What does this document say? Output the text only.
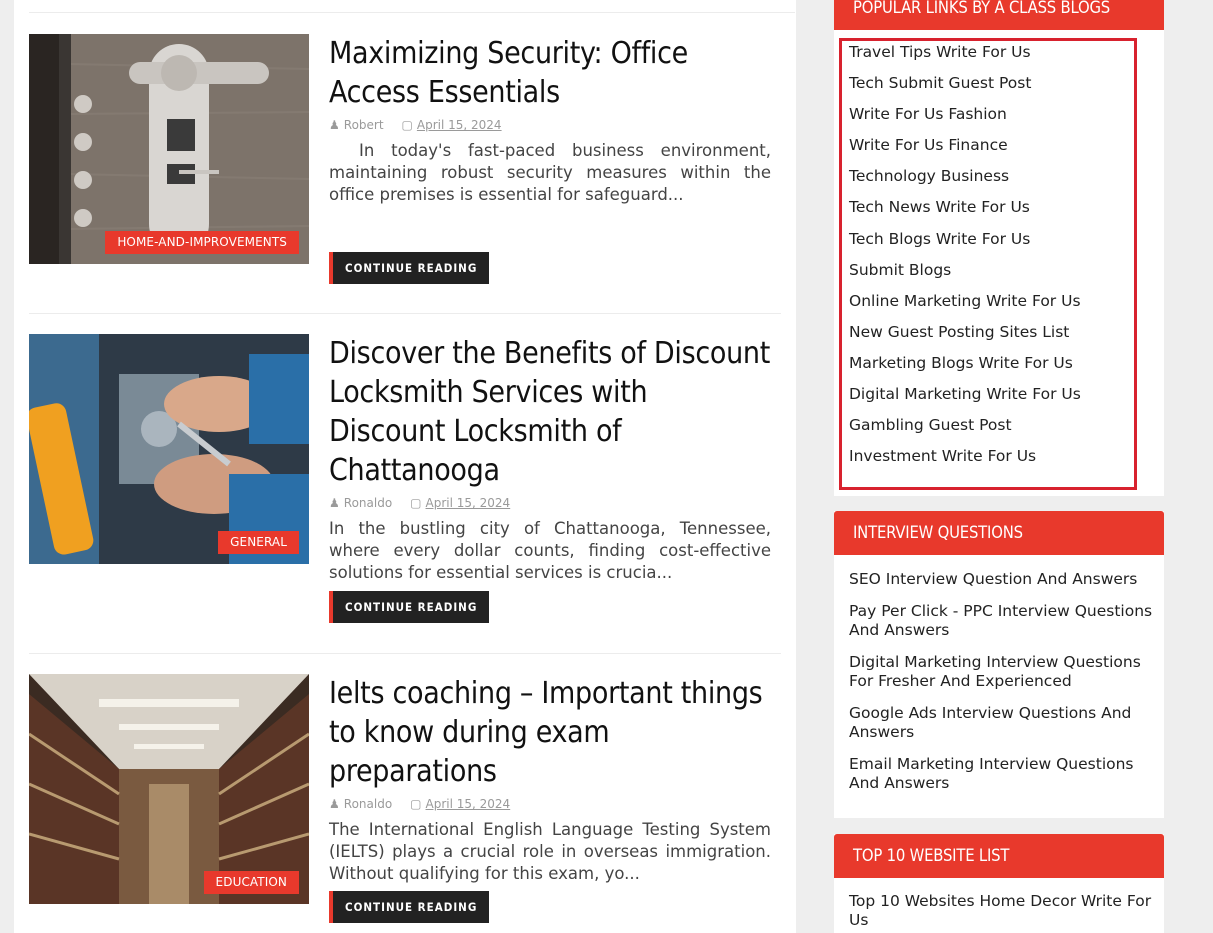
HOME-AND-IMPROVEMENTS
Maximizing Security: Office Access Essentials
♟ Robert ▢ April 15, 2024

In today's fast-paced business environment, maintaining robust security measures within the office premises is essential for safeguard...

CONTINUE READING
GENERAL
Discover the Benefits of Discount Locksmith Services with Discount Locksmith of Chattanooga
♟ Ronaldo ▢ April 15, 2024

In the bustling city of Chattanooga, Tennessee, where every dollar counts, finding cost-effective solutions for essential services is crucia...

CONTINUE READING
EDUCATION
Ielts coaching – Important things to know during exam preparations
♟ Ronaldo ▢ April 15, 2024

The International English Language Testing System (IELTS) plays a crucial role in overseas immigration. Without qualifying for this exam, yo...

CONTINUE READING
POPULAR LINKS BY A CLASS BLOGS
Travel Tips Write For Us
Tech Submit Guest Post
Write For Us Fashion
Write For Us Finance
Technology Business
Tech News Write For Us
Tech Blogs Write For Us
Submit Blogs
Online Marketing Write For Us
New Guest Posting Sites List
Marketing Blogs Write For Us
Digital Marketing Write For Us
Gambling Guest Post
Investment Write For Us
INTERVIEW QUESTIONS
SEO Interview Question And Answers
Pay Per Click - PPC Interview Questions And Answers
Digital Marketing Interview Questions For Fresher And Experienced
Google Ads Interview Questions And Answers
Email Marketing Interview Questions And Answers
TOP 10 WEBSITE LIST
Top 10 Websites Home Decor Write For Us
